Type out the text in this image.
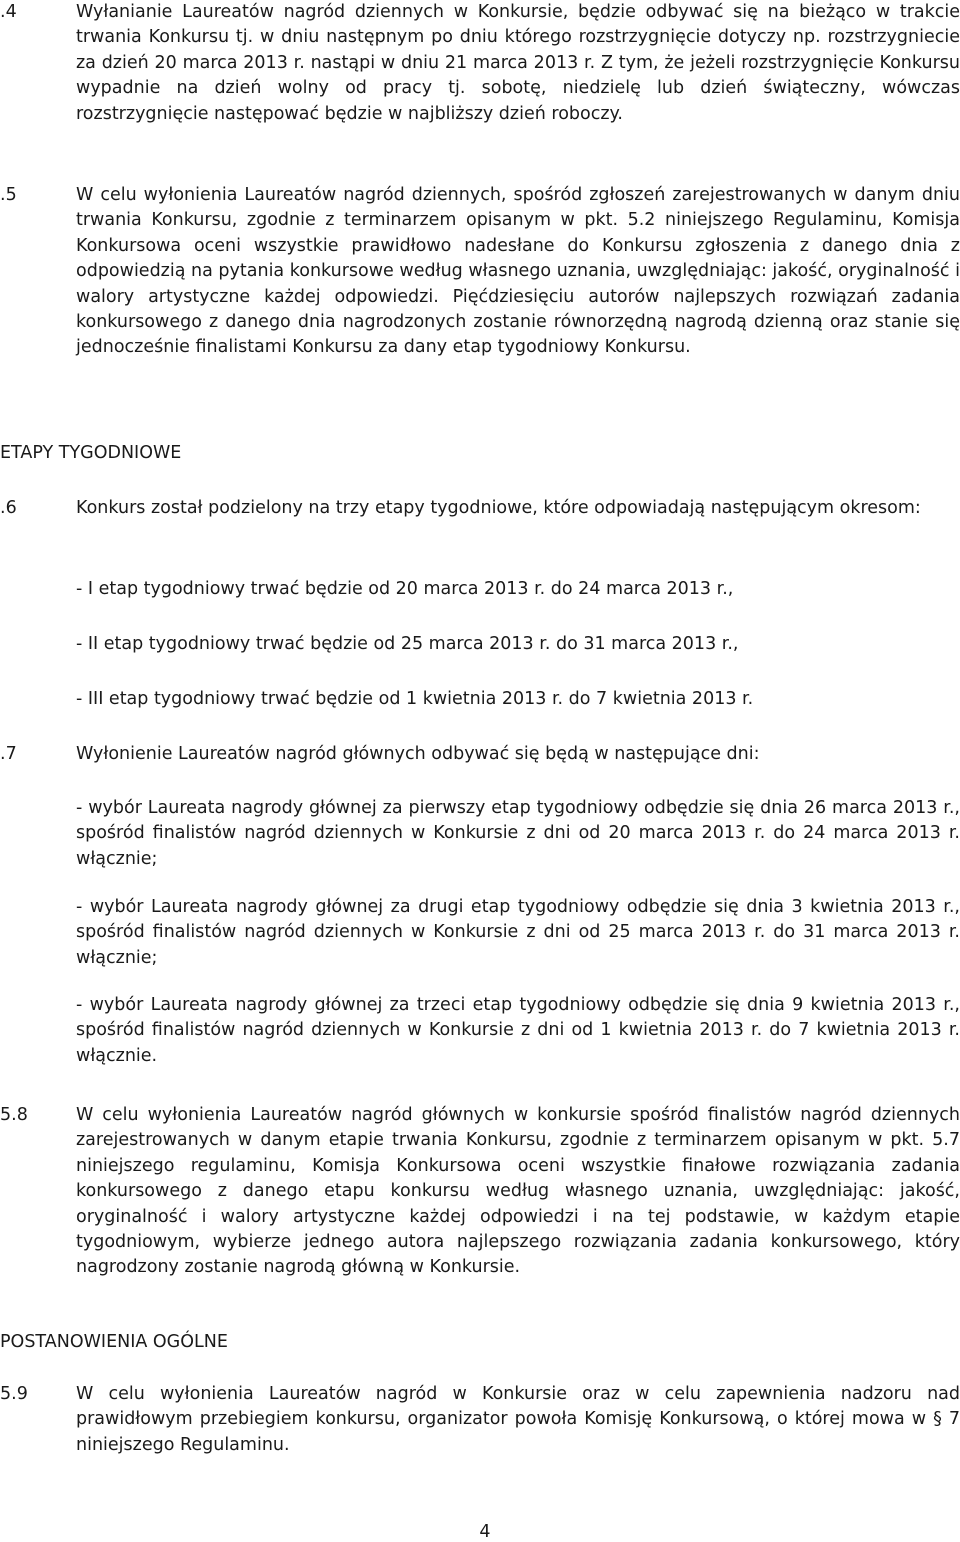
.4	Wyłanianie Laureatów nagród dziennych w Konkursie, będzie odbywać się na bieżąco w trakcie trwania Konkursu tj. w dniu następnym po dniu którego rozstrzygnięcie dotyczy np. rozstrzygniecie za dzień 20 marca 2013 r. nastąpi w dniu 21 marca 2013 r. Z tym, że jeżeli rozstrzygnięcie Konkursu wypadnie na dzień wolny od pracy tj. sobotę, niedzielę lub dzień świąteczny, wówczas rozstrzygnięcie następować będzie w najbliższy dzień roboczy.
.5	W celu wyłonienia Laureatów nagród dziennych, spośród zgłoszeń zarejestrowanych w danym dniu trwania Konkursu, zgodnie z terminarzem opisanym w pkt. 5.2 niniejszego Regulaminu, Komisja Konkursowa oceni wszystkie prawidłowo nadesłane do Konkursu zgłoszenia z danego dnia z odpowiedzią na pytania konkursowe według własnego uznania, uwzględniając: jakość, oryginalność i walory artystyczne każdej odpowiedzi. Pięćdziesięciu autorów najlepszych rozwiązań zadania konkursowego z danego dnia nagrodzonych zostanie równorzędną nagrodą dzienną oraz stanie się jednocześnie finalistami Konkursu za dany etap tygodniowy Konkursu.
ETAPY TYGODNIOWE
.6	Konkurs został podzielony na trzy etapy tygodniowe, które odpowiadają następującym okresom:
- I etap tygodniowy trwać będzie od 20 marca 2013 r. do 24 marca 2013 r.,
- II etap tygodniowy trwać będzie od 25 marca 2013 r. do 31 marca 2013 r.,
- III etap tygodniowy trwać będzie od 1 kwietnia 2013 r. do 7 kwietnia 2013 r.
.7	Wyłonienie Laureatów nagród głównych odbywać się będą w następujące dni:
- wybór Laureata nagrody głównej za pierwszy etap tygodniowy odbędzie się dnia 26 marca 2013 r., spośród finalistów nagród dziennych w Konkursie z dni od 20 marca 2013 r. do 24 marca 2013 r. włącznie;
- wybór Laureata nagrody głównej za drugi etap tygodniowy odbędzie się dnia 3 kwietnia 2013 r., spośród finalistów nagród dziennych w Konkursie z dni od 25 marca 2013 r. do 31 marca 2013 r. włącznie;
- wybór Laureata nagrody głównej za trzeci etap tygodniowy odbędzie się dnia 9 kwietnia 2013 r., spośród finalistów nagród dziennych w Konkursie z dni od 1 kwietnia 2013 r. do 7 kwietnia 2013 r. włącznie.
5.8	W celu wyłonienia Laureatów nagród głównych w konkursie spośród finalistów nagród dziennych zarejestrowanych w danym etapie trwania Konkursu, zgodnie z terminarzem opisanym w pkt. 5.7 niniejszego regulaminu, Komisja Konkursowa oceni wszystkie finałowe rozwiązania zadania konkursowego z danego etapu konkursu według własnego uznania, uwzględniając: jakość, oryginalność i walory artystyczne każdej odpowiedzi i na tej podstawie, w każdym etapie tygodniowym, wybierze jednego autora najlepszego rozwiązania zadania konkursowego, który nagrodzony zostanie nagrodą główną w Konkursie.
POSTANOWIENIA OGÓLNE
5.9	W celu wyłonienia Laureatów nagród w Konkursie oraz w celu zapewnienia nadzoru nad prawidłowym przebiegiem konkursu, organizator powoła Komisję Konkursową, o której mowa w § 7 niniejszego Regulaminu.
4
